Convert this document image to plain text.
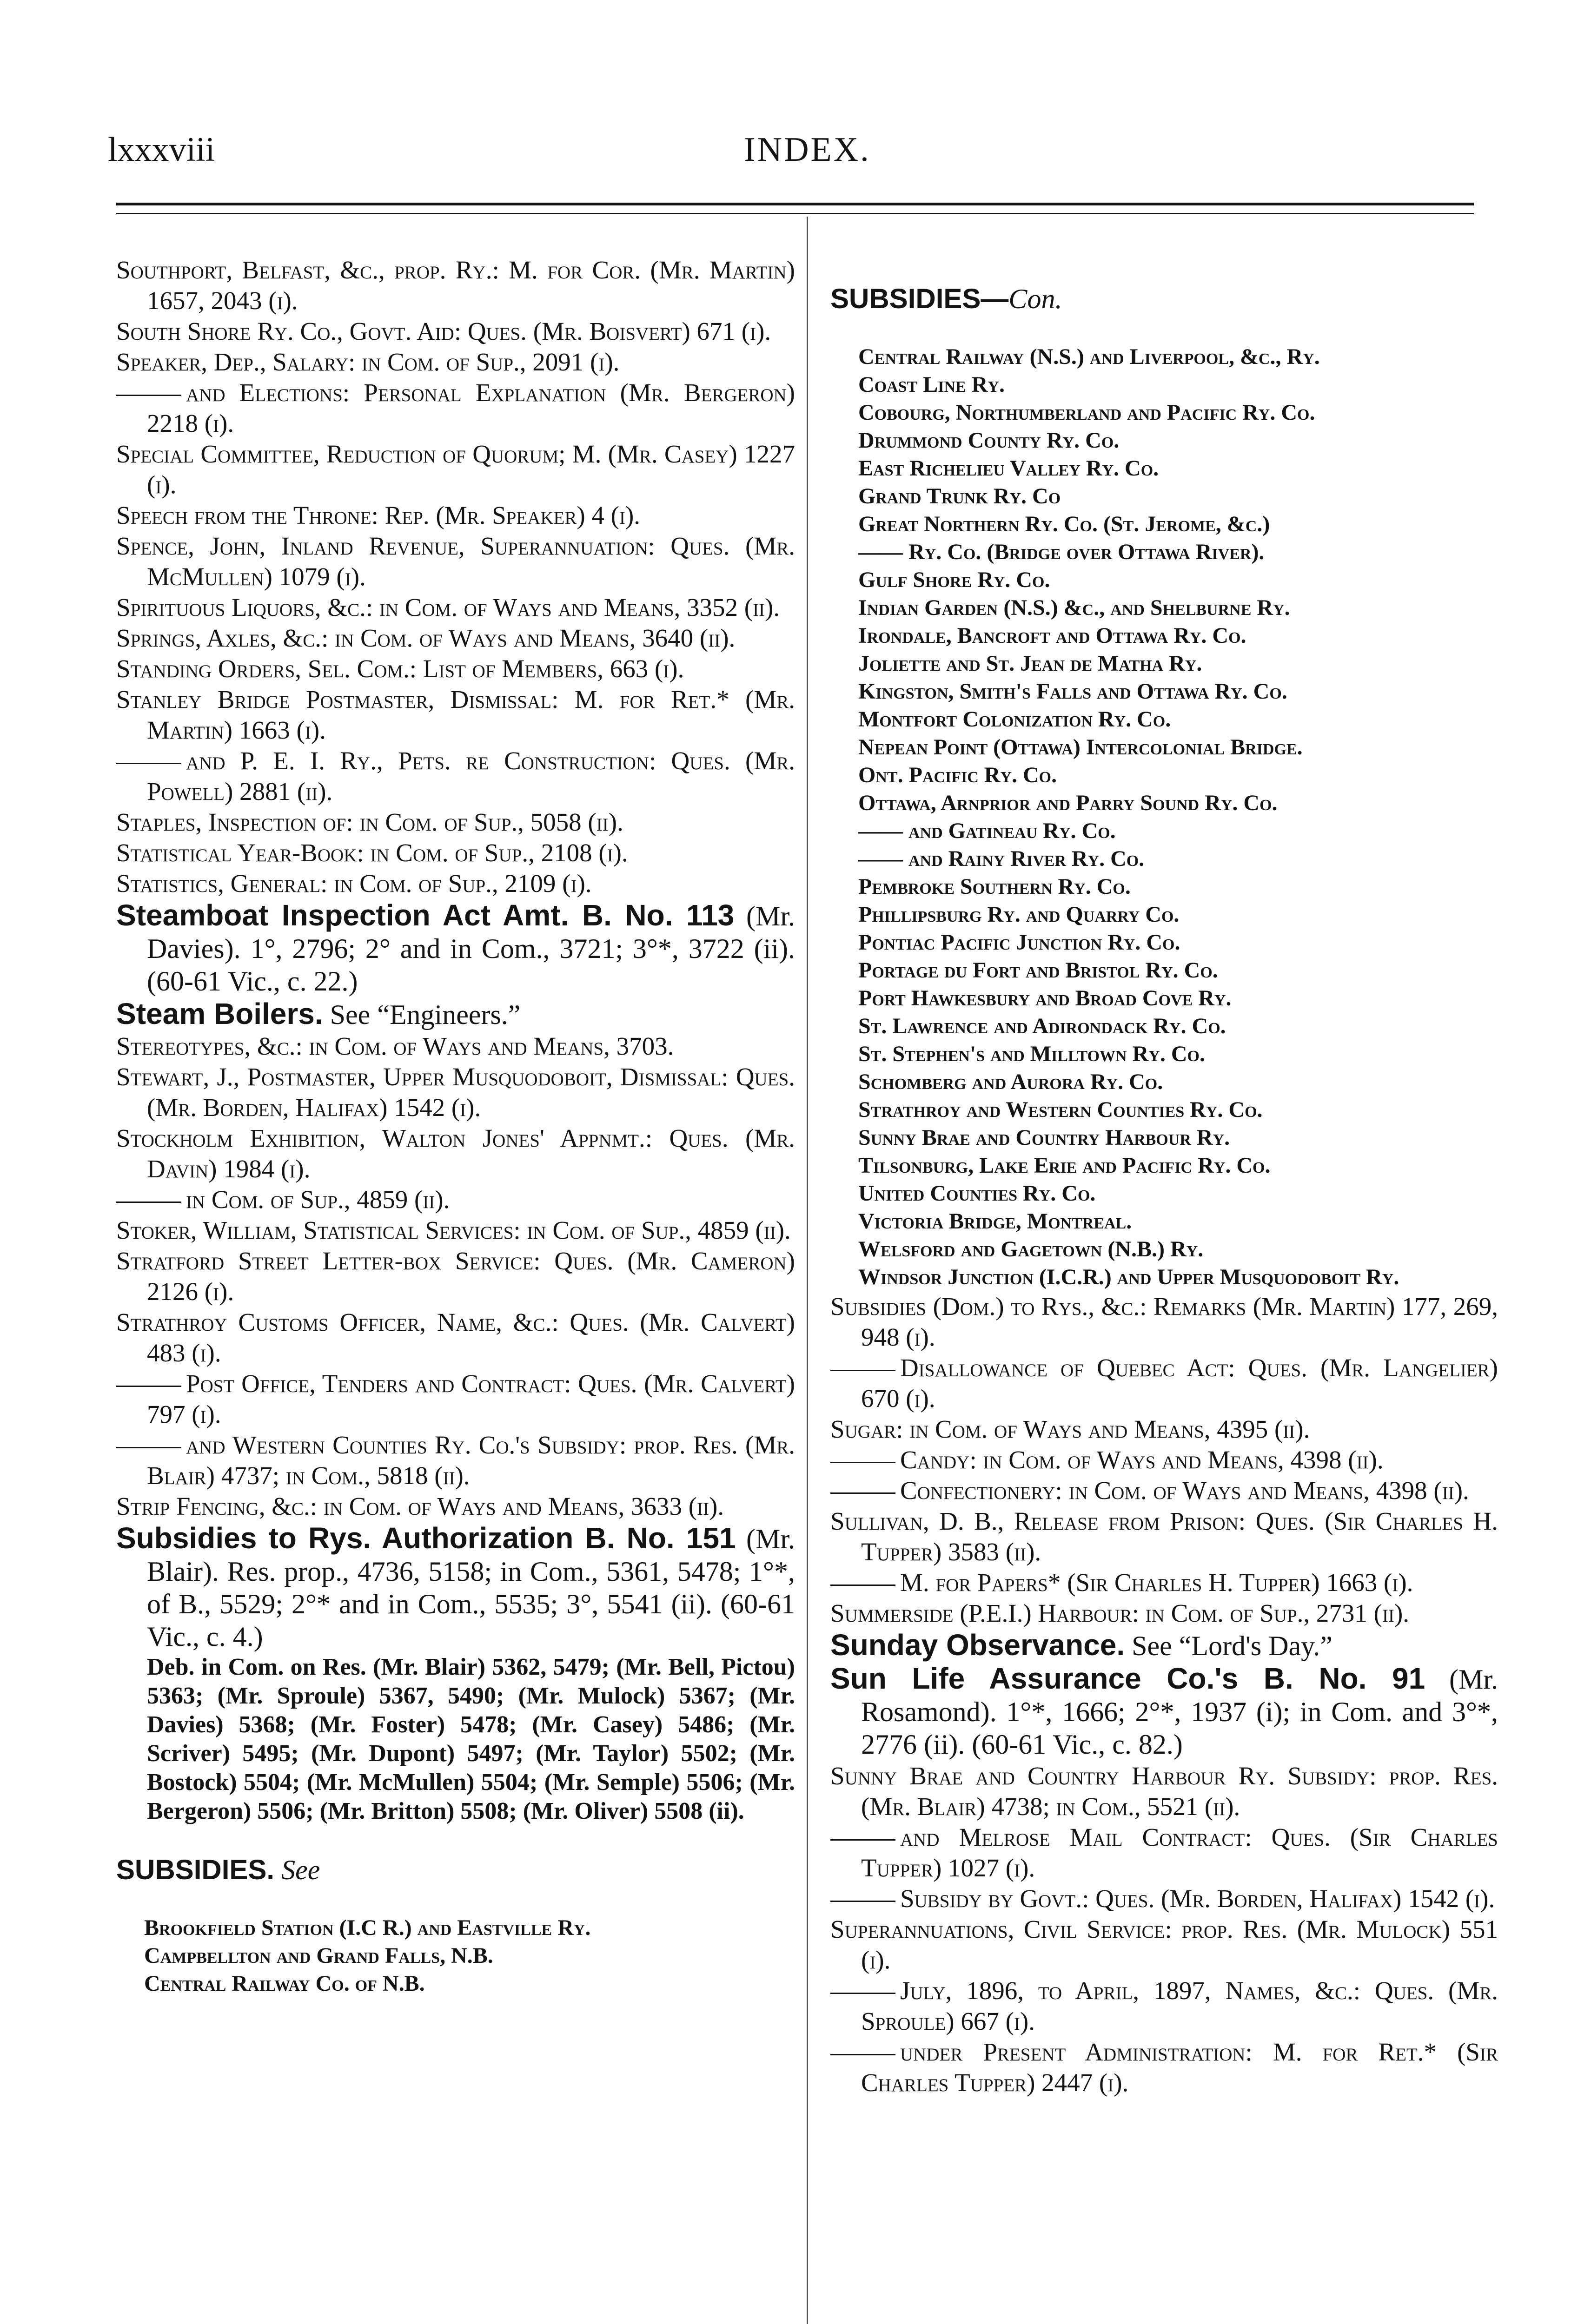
lxxxviii	INDEX.

Southport, Belfast, &c., prop. Ry.: M. for Cor. (Mr. Martin) 1657, 2043 (i).

South Shore Ry. Co., Govt. Aid: Ques. (Mr. Boisvert) 671 (i).

Speaker, Dep., Salary: in Com. of Sup., 2091 (i).

and Elections: Personal Explanation (Mr. Bergeron) 2218 (i).

Special Committee, Reduction of Quorum; M. (Mr. Casey) 1227 (i).

Speech from the Throne: Rep. (Mr. Speaker) 4 (i).

Spence, John, Inland Revenue, Superannuation: Ques. (Mr. McMullen) 1079 (i).

Spirituous Liquors, &c.: in Com. of Ways and Means, 3352 (ii).

Springs, Axles, &c.: in Com. of Ways and Means, 3640 (ii).

Standing Orders, Sel. Com.: List of Members, 663 (i).

Stanley Bridge Postmaster, Dismissal: M. for Ret.* (Mr. Martin) 1663 (i).

and P. E. I. Ry., Pets. re Construction: Ques. (Mr. Powell) 2881 (ii).

Staples, Inspection of: in Com. of Sup., 5058 (ii).

Statistical Year-Book: in Com. of Sup., 2108 (i).

Statistics, General: in Com. of Sup., 2109 (i).

Steamboat Inspection Act Amt. B. No. 113 (Mr. Davies). 1°, 2796; 2° and in Com., 3721; 3°*, 3722 (ii). (60-61 Vic., c. 22.)

Steam Boilers. See “Engineers.”

Stereotypes, &c.: in Com. of Ways and Means, 3703.

Stewart, J., Postmaster, Upper Musquodoboit, Dismissal: Ques. (Mr. Borden, Halifax) 1542 (i).

Stockholm Exhibition, Walton Jones' Appnmt.: Ques. (Mr. Davin) 1984 (i).

in Com. of Sup., 4859 (ii).

Stoker, William, Statistical Services: in Com. of Sup., 4859 (ii).

Stratford Street Letter-box Service: Ques. (Mr. Cameron) 2126 (i).

Strathroy Customs Officer, Name, &c.: Ques. (Mr. Calvert) 483 (i).

Post Office, Tenders and Contract: Ques. (Mr. Calvert) 797 (i).

and Western Counties Ry. Co.'s Subsidy: prop. Res. (Mr. Blair) 4737; in Com., 5818 (ii).

Strip Fencing, &c.: in Com. of Ways and Means, 3633 (ii).

Subsidies to Rys. Authorization B. No. 151 (Mr. Blair). Res. prop., 4736, 5158; in Com., 5361, 5478; 1°*, of B., 5529; 2°* and in Com., 5535; 3°, 5541 (ii). (60-61 Vic., c. 4.)

Deb. in Com. on Res. (Mr. Blair) 5362, 5479; (Mr. Bell, Pictou) 5363; (Mr. Sproule) 5367, 5490; (Mr. Mulock) 5367; (Mr. Davies) 5368; (Mr. Foster) 5478; (Mr. Casey) 5486; (Mr. Scriver) 5495; (Mr. Dupont) 5497; (Mr. Taylor) 5502; (Mr. Bostock) 5504; (Mr. McMullen) 5504; (Mr. Semple) 5506; (Mr. Bergeron) 5506; (Mr. Britton) 5508; (Mr. Oliver) 5508 (ii).

SUBSIDIES. See

Brookfield Station (I.C R.) and Eastville Ry.

Campbellton and Grand Falls, N.B.

Central Railway Co. of N.B.

SUBSIDIES—Con.

Central Railway (N.S.) and Liverpool, &c., Ry.

Coast Line Ry.

Cobourg, Northumberland and Pacific Ry. Co.

Drummond County Ry. Co.

East Richelieu Valley Ry. Co.

Grand Trunk Ry. Co

Great Northern Ry. Co. (St. Jerome, &c.)

—— Ry. Co. (Bridge over Ottawa River).

Gulf Shore Ry. Co.

Indian Garden (N.S.) &c., and Shelburne Ry.

Irondale, Bancroft and Ottawa Ry. Co.

Joliette and St. Jean de Matha Ry.

Kingston, Smith's Falls and Ottawa Ry. Co.

Montfort Colonization Ry. Co.

Nepean Point (Ottawa) Intercolonial Bridge.

Ont. Pacific Ry. Co.

Ottawa, Arnprior and Parry Sound Ry. Co.

—— and Gatineau Ry. Co.

—— and Rainy River Ry. Co.

Pembroke Southern Ry. Co.

Phillipsburg Ry. and Quarry Co.

Pontiac Pacific Junction Ry. Co.

Portage du Fort and Bristol Ry. Co.

Port Hawkesbury and Broad Cove Ry.

St. Lawrence and Adirondack Ry. Co.

St. Stephen's and Milltown Ry. Co.

Schomberg and Aurora Ry. Co.

Strathroy and Western Counties Ry. Co.

Sunny Brae and Country Harbour Ry.

Tilsonburg, Lake Erie and Pacific Ry. Co.

United Counties Ry. Co.

Victoria Bridge, Montreal.

Welsford and Gagetown (N.B.) Ry.

Windsor Junction (I.C.R.) and Upper Musquodoboit Ry.

Subsidies (Dom.) to Rys., &c.: Remarks (Mr. Martin) 177, 269, 948 (i).

Disallowance of Quebec Act: Ques. (Mr. Langelier) 670 (i).

Sugar: in Com. of Ways and Means, 4395 (ii).

Candy: in Com. of Ways and Means, 4398 (ii).

Confectionery: in Com. of Ways and Means, 4398 (ii).

Sullivan, D. B., Release from Prison: Ques. (Sir Charles H. Tupper) 3583 (ii).

M. for Papers* (Sir Charles H. Tupper) 1663 (i).

Summerside (P.E.I.) Harbour: in Com. of Sup., 2731 (ii).

Sunday Observance. See “Lord's Day.”

Sun Life Assurance Co.'s B. No. 91 (Mr. Rosamond). 1°*, 1666; 2°*, 1937 (i); in Com. and 3°*, 2776 (ii). (60-61 Vic., c. 82.)

Sunny Brae and Country Harbour Ry. Subsidy: prop. Res. (Mr. Blair) 4738; in Com., 5521 (ii).

and Melrose Mail Contract: Ques. (Sir Charles Tupper) 1027 (i).

Subsidy by Govt.: Ques. (Mr. Borden, Halifax) 1542 (i).

Superannuations, Civil Service: prop. Res. (Mr. Mulock) 551 (i).

July, 1896, to April, 1897, Names, &c.: Ques. (Mr. Sproule) 667 (i).

under Present Administration: M. for Ret.* (Sir Charles Tupper) 2447 (i).
